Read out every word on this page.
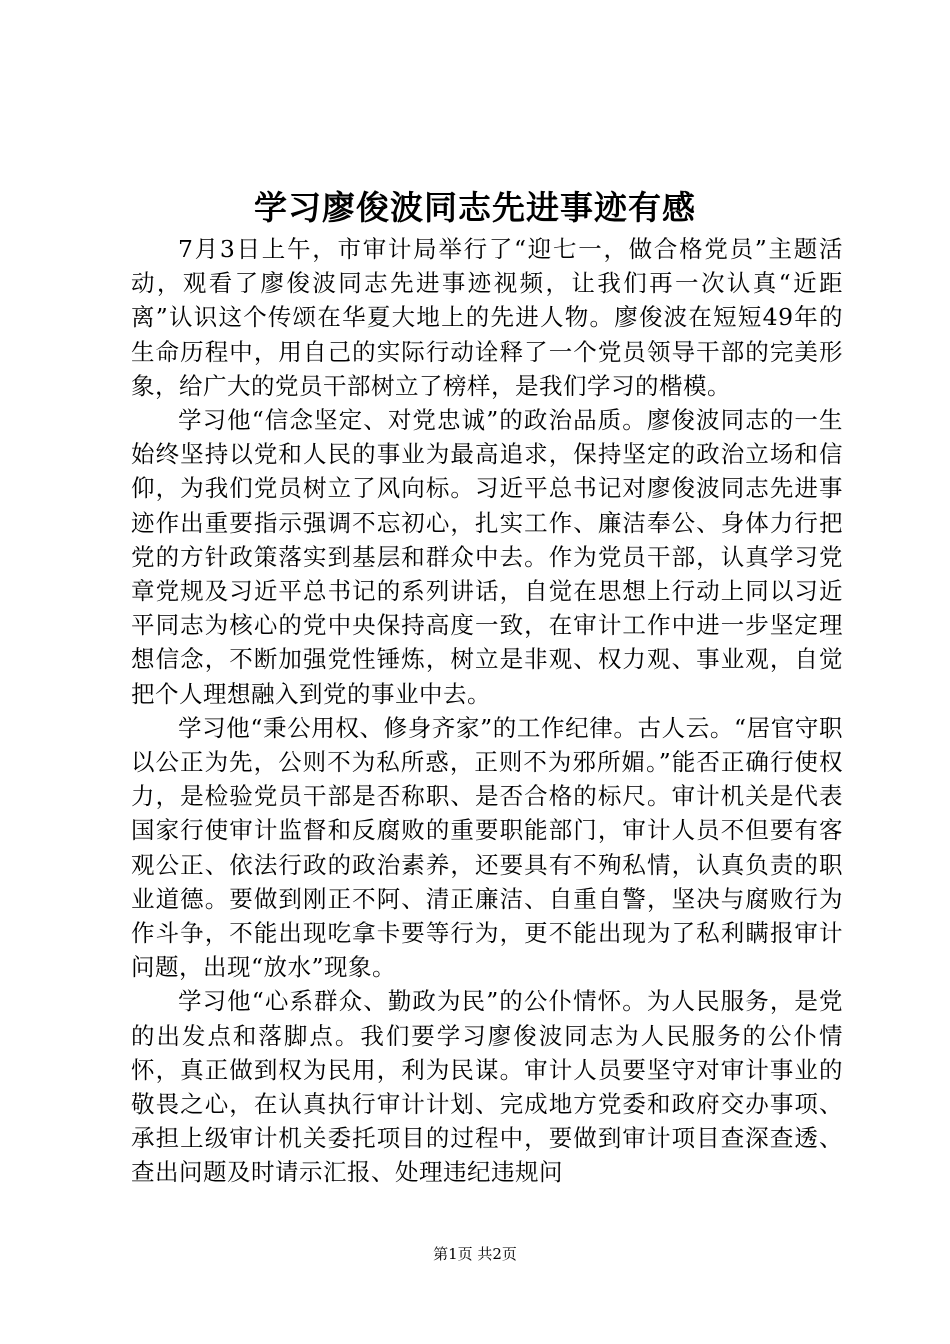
学习廖俊波同志先进事迹有感

7月3日上午，市审计局举行了“迎七一，做合格党员”主题活动，观看了廖俊波同志先进事迹视频，让我们再一次认真“近距离”认识这个传颂在华夏大地上的先进人物。廖俊波在短短49年的生命历程中，用自己的实际行动诠释了一个党员领导干部的完美形象，给广大的党员干部树立了榜样，是我们学习的楷模。

学习他“信念坚定、对党忠诚”的政治品质。廖俊波同志的一生始终坚持以党和人民的事业为最高追求，保持坚定的政治立场和信仰，为我们党员树立了风向标。习近平总书记对廖俊波同志先进事迹作出重要指示强调不忘初心，扎实工作、廉洁奉公、身体力行把党的方针政策落实到基层和群众中去。作为党员干部，认真学习党章党规及习近平总书记的系列讲话，自觉在思想上行动上同以习近平同志为核心的党中央保持高度一致，在审计工作中进一步坚定理想信念，不断加强党性锤炼，树立是非观、权力观、事业观，自觉把个人理想融入到党的事业中去。

学习他“秉公用权、修身齐家”的工作纪律。古人云。“居官守职以公正为先，公则不为私所惑，正则不为邪所媚。”能否正确行使权力，是检验党员干部是否称职、是否合格的标尺。审计机关是代表国家行使审计监督和反腐败的重要职能部门，审计人员不但要有客观公正、依法行政的政治素养，还要具有不殉私情，认真负责的职业道德。要做到刚正不阿、清正廉洁、自重自警，坚决与腐败行为作斗争，不能出现吃拿卡要等行为，更不能出现为了私利瞒报审计问题，出现“放水”现象。

学习他“心系群众、勤政为民”的公仆情怀。为人民服务，是党的出发点和落脚点。我们要学习廖俊波同志为人民服务的公仆情怀，真正做到权为民用，利为民谋。审计人员要坚守对审计事业的敬畏之心，在认真执行审计计划、完成地方党委和政府交办事项、承担上级审计机关委托项目的过程中，要做到审计项目查深查透、查出问题及时请示汇报、处理违纪违规问

第1页 共2页
